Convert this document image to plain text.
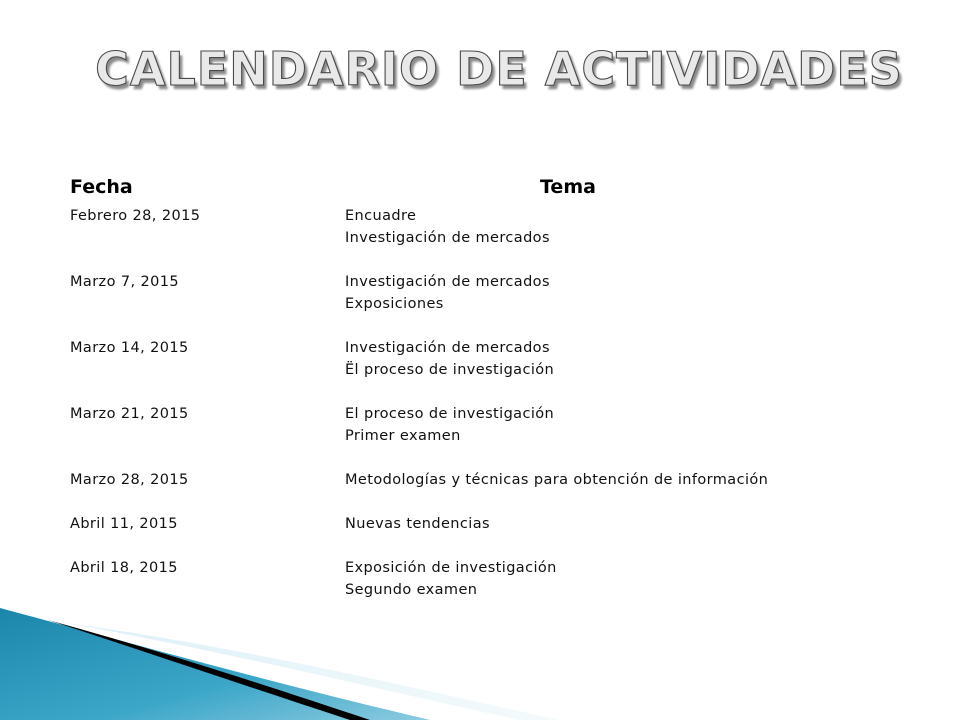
CALENDARIO DE ACTIVIDADES
Fecha	Tema
Febrero 28, 2015	Encuadre
Investigación de mercados
Marzo 7, 2015	Investigación de mercados
Exposiciones
Marzo 14, 2015	Investigación de mercados
Ël proceso de investigación
Marzo 21, 2015	El proceso de investigación
Primer examen
Marzo 28, 2015	Metodologías y técnicas para obtención de información
Abril 11, 2015	Nuevas tendencias
Abril 18, 2015	Exposición de investigación
Segundo examen
